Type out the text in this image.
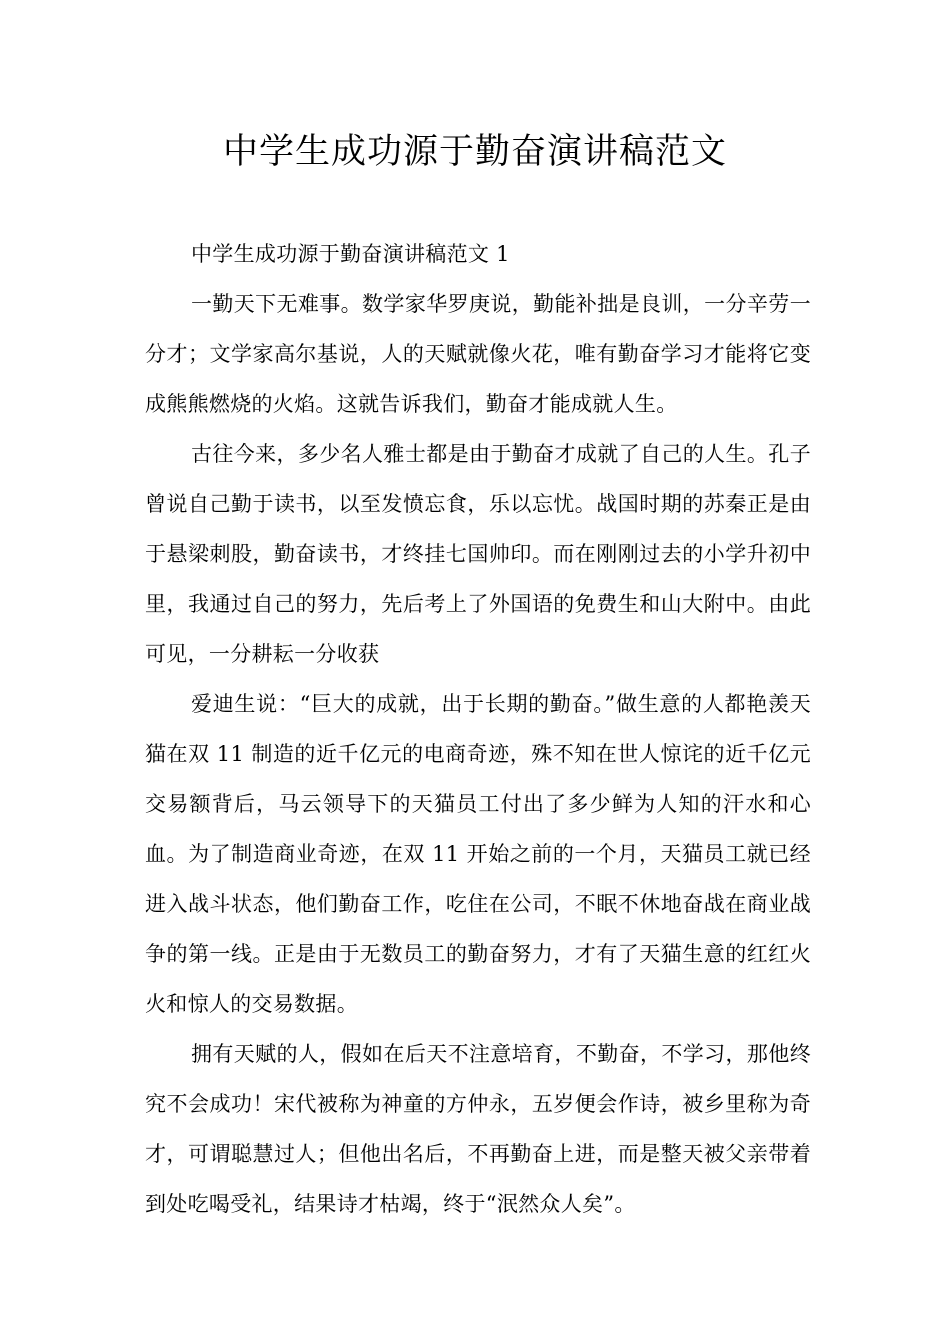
中学生成功源于勤奋演讲稿范文

中学生成功源于勤奋演讲稿范文 1

一勤天下无难事。数学家华罗庚说，勤能补拙是良训，一分辛劳一分才；文学家高尔基说，人的天赋就像火花，唯有勤奋学习才能将它变成熊熊燃烧的火焰。这就告诉我们，勤奋才能成就人生。

古往今来，多少名人雅士都是由于勤奋才成就了自己的人生。孔子曾说自己勤于读书，以至发愤忘食，乐以忘忧。战国时期的苏秦正是由于悬梁刺股，勤奋读书，才终挂七国帅印。而在刚刚过去的小学升初中里，我通过自己的努力，先后考上了外国语的免费生和山大附中。由此可见，一分耕耘一分收获

爱迪生说：“巨大的成就，出于长期的勤奋。”做生意的人都艳羡天猫在双 11 制造的近千亿元的电商奇迹，殊不知在世人惊诧的近千亿元交易额背后，马云领导下的天猫员工付出了多少鲜为人知的汗水和心血。为了制造商业奇迹，在双 11 开始之前的一个月，天猫员工就已经进入战斗状态，他们勤奋工作，吃住在公司，不眠不休地奋战在商业战争的第一线。正是由于无数员工的勤奋努力，才有了天猫生意的红红火火和惊人的交易数据。

拥有天赋的人，假如在后天不注意培育，不勤奋，不学习，那他终究不会成功！宋代被称为神童的方仲永，五岁便会作诗，被乡里称为奇才，可谓聪慧过人；但他出名后，不再勤奋上进，而是整天被父亲带着到处吃喝受礼，结果诗才枯竭，终于“泯然众人矣”。
